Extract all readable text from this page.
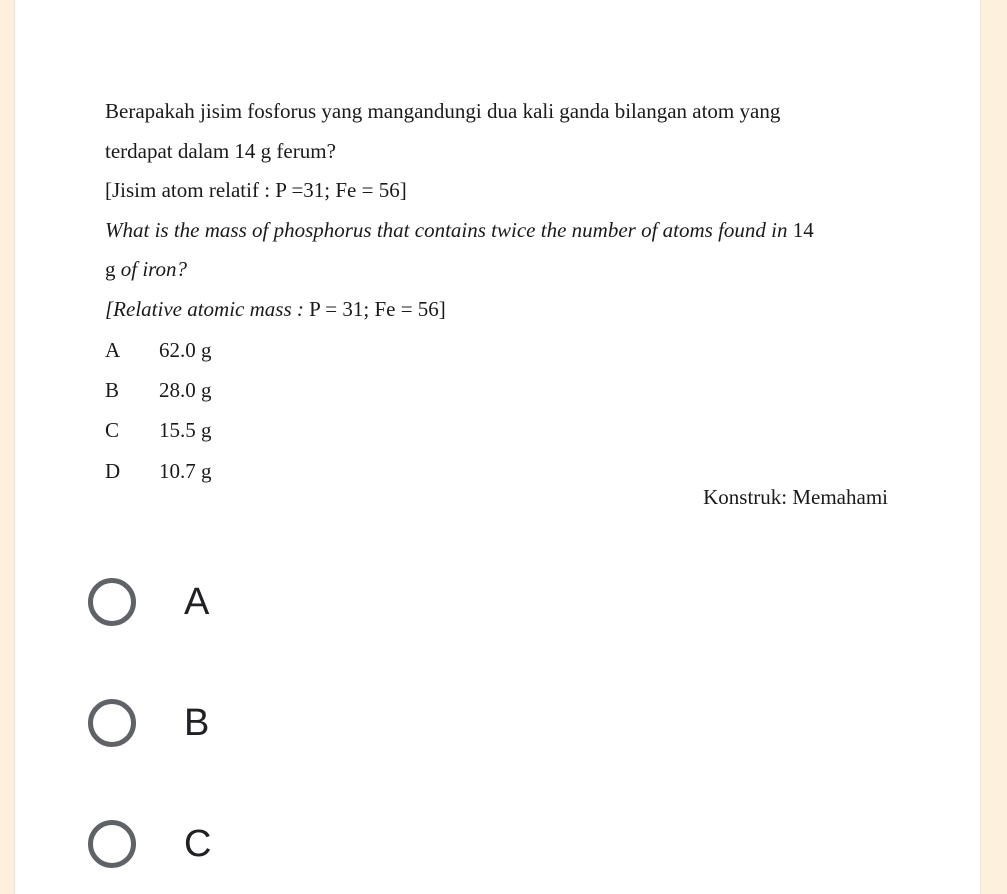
Berapakah jisim fosforus yang mangandungi dua kali ganda bilangan atom yang
terdapat dalam 14 g ferum?
[Jisim atom relatif : P =31; Fe = 56]
What is the mass of phosphorus that contains twice the number of atoms found in 14
g of iron?
[Relative atomic mass : P = 31; Fe = 56]
A 62.0 g
B 28.0 g
C 15.5 g
D 10.7 g
Konstruk: Memahami
A
B
C
